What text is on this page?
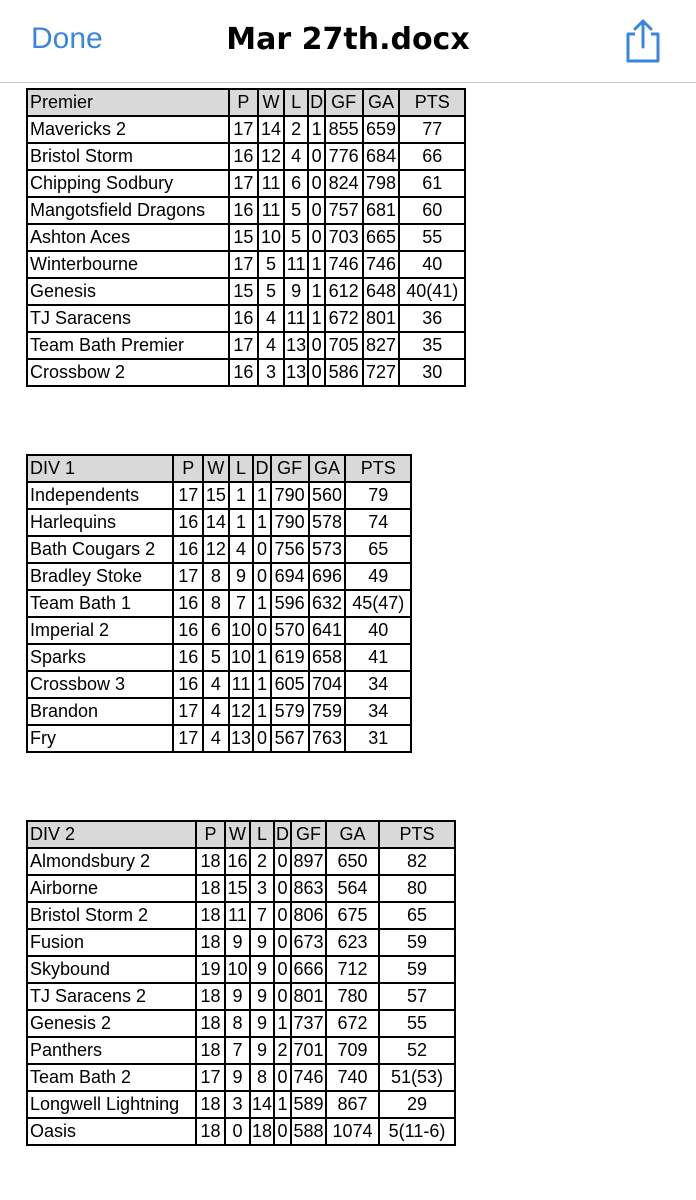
Done	Mar 27th.docx
Premier	P	W	L	D	GF	GA	PTS
Mavericks 2	17	14	2	1	855	659	77
Bristol Storm	16	12	4	0	776	684	66
Chipping Sodbury	17	11	6	0	824	798	61
Mangotsfield Dragons	16	11	5	0	757	681	60
Ashton Aces	15	10	5	0	703	665	55
Winterbourne	17	5	11	1	746	746	40
Genesis	15	5	9	1	612	648	40(41)
TJ Saracens	16	4	11	1	672	801	36
Team Bath Premier	17	4	13	0	705	827	35
Crossbow 2	16	3	13	0	586	727	30
DIV 1	P	W	L	D	GF	GA	PTS
Independents	17	15	1	1	790	560	79
Harlequins	16	14	1	1	790	578	74
Bath Cougars 2	16	12	4	0	756	573	65
Bradley Stoke	17	8	9	0	694	696	49
Team Bath 1	16	8	7	1	596	632	45(47)
Imperial 2	16	6	10	0	570	641	40
Sparks	16	5	10	1	619	658	41
Crossbow 3	16	4	11	1	605	704	34
Brandon	17	4	12	1	579	759	34
Fry	17	4	13	0	567	763	31
DIV 2	P	W	L	D	GF	GA	PTS
Almondsbury 2	18	16	2	0	897	650	82
Airborne	18	15	3	0	863	564	80
Bristol Storm 2	18	11	7	0	806	675	65
Fusion	18	9	9	0	673	623	59
Skybound	19	10	9	0	666	712	59
TJ Saracens 2	18	9	9	0	801	780	57
Genesis 2	18	8	9	1	737	672	55
Panthers	18	7	9	2	701	709	52
Team Bath 2	17	9	8	0	746	740	51(53)
Longwell Lightning	18	3	14	1	589	867	29
Oasis	18	0	18	0	588	1074	5(11-6)
